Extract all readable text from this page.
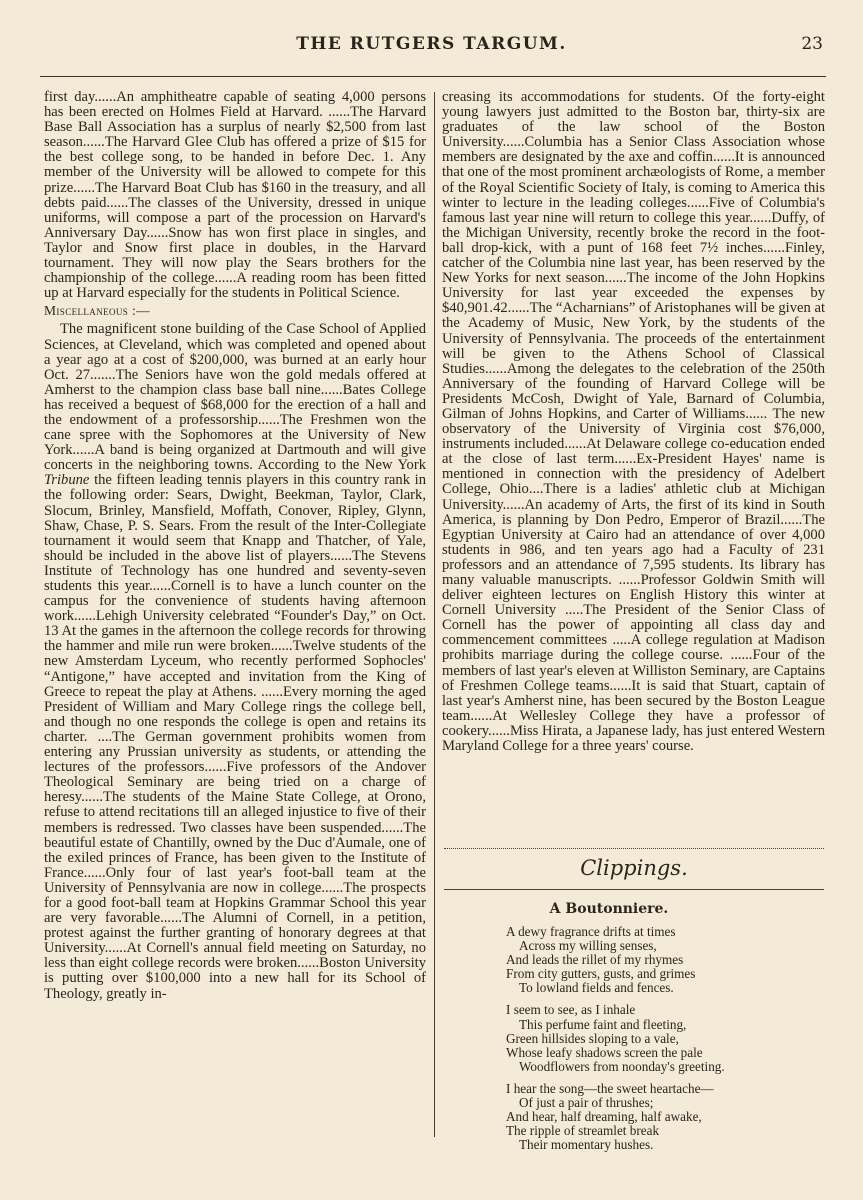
THE RUTGERS TARGUM.	23

first day......An amphitheatre capable of seating 4,000 persons has been erected on Holmes Field at Harvard. ......The Harvard Base Ball Association has a surplus of nearly $2,500 from last season......The Harvard Glee Club has offered a prize of $15 for the best college song, to be handed in before Dec. 1. Any member of the University will be allowed to compete for this prize......The Harvard Boat Club has $160 in the treasury, and all debts paid......The classes of the University, dressed in unique uniforms, will compose a part of the procession on Harvard's Anniversary Day......Snow has won first place in singles, and Taylor and Snow first place in doubles, in the Harvard tournament. They will now play the Sears brothers for the championship of the college......A reading room has been fitted up at Harvard especially for the students in Political Science.

Miscellaneous :—

The magnificent stone building of the Case School of Applied Sciences, at Cleveland, which was completed and opened about a year ago at a cost of $200,000, was burned at an early hour Oct. 27.......The Seniors have won the gold medals offered at Amherst to the champion class base ball nine......Bates College has received a bequest of $68,000 for the erection of a hall and the endowment of a professorship......The Freshmen won the cane spree with the Sophomores at the University of New York......A band is being organized at Dartmouth and will give concerts in the neighboring towns. According to the New York Tribune the fifteen leading tennis players in this country rank in the following order: Sears, Dwight, Beekman, Taylor, Clark, Slocum, Brinley, Mansfield, Moffath, Conover, Ripley, Glynn, Shaw, Chase, P. S. Sears. From the result of the Inter-Collegiate tournament it would seem that Knapp and Thatcher, of Yale, should be included in the above list of players......The Stevens Institute of Technology has one hundred and seventy-seven students this year......Cornell is to have a lunch counter on the campus for the convenience of students having afternoon work......Lehigh University celebrated “Founder's Day,” on Oct. 13 At the games in the afternoon the college records for throwing the hammer and mile run were broken......Twelve students of the new Amsterdam Lyceum, who recently performed Sophocles' “Antigone,” have accepted and invitation from the King of Greece to repeat the play at Athens. ......Every morning the aged President of William and Mary College rings the college bell, and though no one responds the college is open and retains its charter. ....The German government prohibits women from entering any Prussian university as students, or attending the lectures of the professors......Five professors of the Andover Theological Seminary are being tried on a charge of heresy......The students of the Maine State College, at Orono, refuse to attend recitations till an alleged injustice to five of their members is redressed. Two classes have been suspended......The beautiful estate of Chantilly, owned by the Duc d'Aumale, one of the exiled princes of France, has been given to the Institute of France......Only four of last year's foot-ball team at the University of Pennsylvania are now in college......The prospects for a good foot-ball team at Hopkins Grammar School this year are very favorable......The Alumni of Cornell, in a petition, protest against the further granting of honorary degrees at that University......At Cornell's annual field meeting on Saturday, no less than eight college records were broken......Boston University is putting over $100,000 into a new hall for its School of Theology, greatly in-

creasing its accommodations for students. Of the forty-eight young lawyers just admitted to the Boston bar, thirty-six are graduates of the law school of the Boston University......Columbia has a Senior Class Association whose members are designated by the axe and coffin......It is announced that one of the most prominent archæologists of Rome, a member of the Royal Scientific Society of Italy, is coming to America this winter to lecture in the leading colleges......Five of Columbia's famous last year nine will return to college this year......Duffy, of the Michigan University, recently broke the record in the foot-ball drop-kick, with a punt of 168 feet 7½ inches......Finley, catcher of the Columbia nine last year, has been reserved by the New Yorks for next season......The income of the John Hopkins University for last year exceeded the expenses by $40,901.42......The “Acharnians” of Aristophanes will be given at the Academy of Music, New York, by the students of the University of Pennsylvania. The proceeds of the entertainment will be given to the Athens School of Classical Studies......Among the delegates to the celebration of the 250th Anniversary of the founding of Harvard College will be Presidents McCosh, Dwight of Yale, Barnard of Columbia, Gilman of Johns Hopkins, and Carter of Williams...... The new observatory of the University of Virginia cost $76,000, instruments included......At Delaware college co-education ended at the close of last term......Ex-President Hayes' name is mentioned in connection with the presidency of Adelbert College, Ohio....There is a ladies' athletic club at Michigan University......An academy of Arts, the first of its kind in South America, is planning by Don Pedro, Emperor of Brazil......The Egyptian University at Cairo had an attendance of over 4,000 students in 986, and ten years ago had a Faculty of 231 professors and an attendance of 7,595 students. Its library has many valuable manuscripts. ......Professor Goldwin Smith will deliver eighteen lectures on English History this winter at Cornell University .....The President of the Senior Class of Cornell has the power of appointing all class day and commencement committees .....A college regulation at Madison prohibits marriage during the college course. ......Four of the members of last year's eleven at Williston Seminary, are Captains of Freshmen College teams......It is said that Stuart, captain of last year's Amherst nine, has been secured by the Boston League team......At Wellesley College they have a professor of cookery......Miss Hirata, a Japanese lady, has just entered Western Maryland College for a three years' course.

Clippings.
A Boutonniere.
A dewy fragrance drifts at times
Across my willing senses,
And leads the rillet of my rhymes
From city gutters, gusts, and grimes
To lowland fields and fences.
I seem to see, as I inhale
This perfume faint and fleeting,
Green hillsides sloping to a vale,
Whose leafy shadows screen the pale
Woodflowers from noonday's greeting.
I hear the song—the sweet heartache—
Of just a pair of thrushes;
And hear, half dreaming, half awake,
The ripple of streamlet break
Their momentary hushes.
